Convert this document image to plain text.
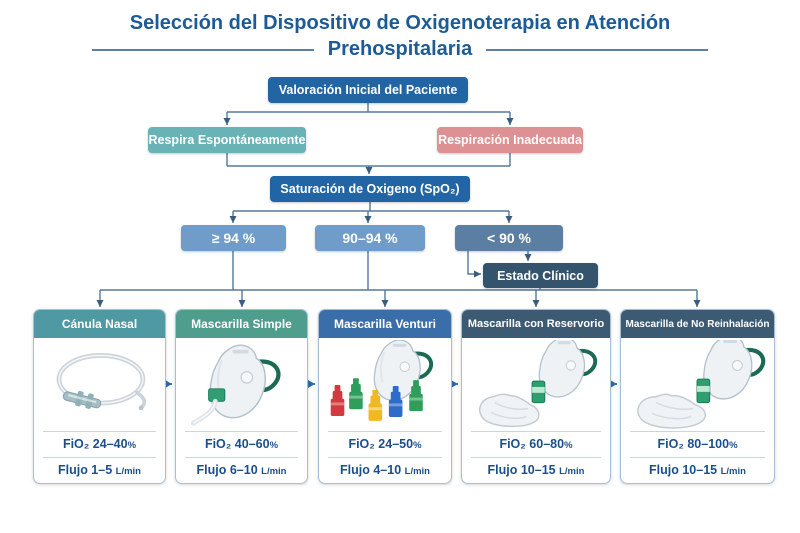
Selección del Dispositivo de Oxigenoterapia en Atención
Prehospitalaria
Valoración Inicial del Paciente
Respira Espontáneamente	Respiración Inadecuada
Saturación de Oxigeno (SpO₂)
≥ 94 %	90–94 %	< 90 %
Estado Clínico
Cánula Nasal
FiO₂ 24–40%
Flujo 1–5 L/min
Mascarilla Simple
FiO₂ 40–60%
Flujo 6–10 L/min
Mascarilla Venturi
FiO₂ 24–50%
Flujo 4–10 L/min
Mascarilla con Reservorio
FiO₂ 60–80%
Flujo 10–15 L/min
Mascarilla de No Reinhalación
FiO₂ 80–100%
Flujo 10–15 L/min
